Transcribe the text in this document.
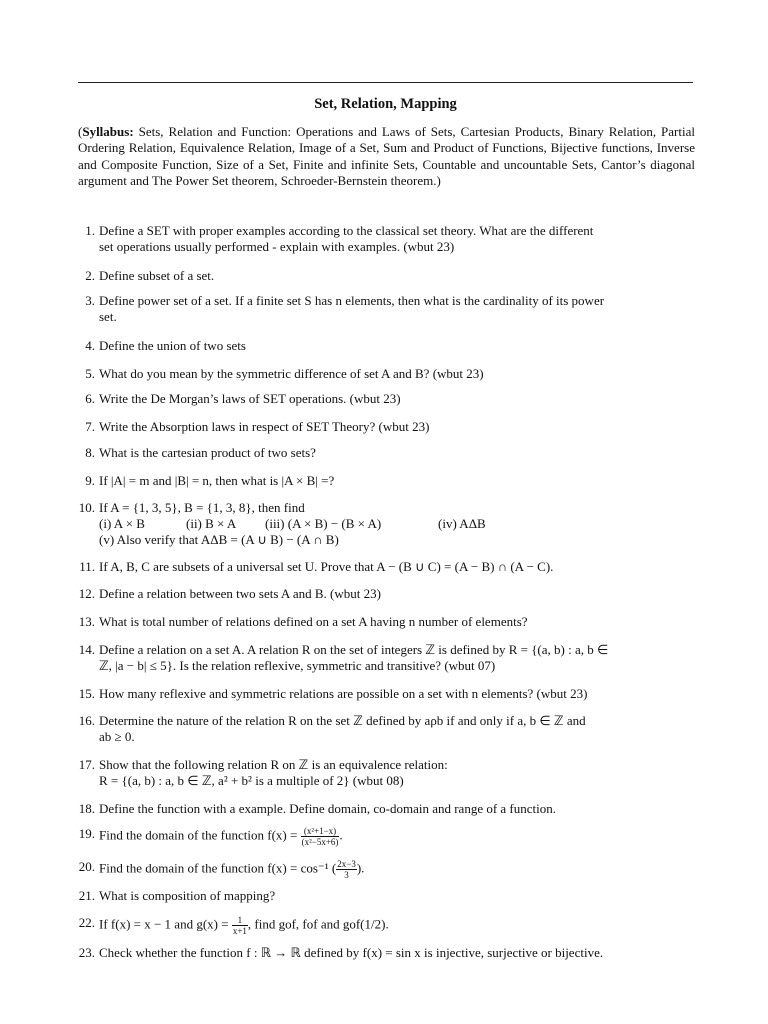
Set, Relation, Mapping
(Syllabus: Sets, Relation and Function: Operations and Laws of Sets, Cartesian Products, Binary Relation, Partial Ordering Relation, Equivalence Relation, Image of a Set, Sum and Product of Functions, Bijective functions, Inverse and Composite Function, Size of a Set, Finite and infinite Sets, Countable and uncountable Sets, Cantor’s diagonal argument and The Power Set theorem, Schroeder-Bernstein theorem.)
1. Define a SET with proper examples according to the classical set theory. What are the different
set operations usually performed - explain with examples. (wbut 23)
2. Define subset of a set.
3. Define power set of a set. If a finite set S has n elements, then what is the cardinality of its power
set.
4. Define the union of two sets
5. What do you mean by the symmetric difference of set A and B? (wbut 23)
6. Write the De Morgan’s laws of SET operations. (wbut 23)
7. Write the Absorption laws in respect of SET Theory? (wbut 23)
8. What is the cartesian product of two sets?
9. If |A| = m and |B| = n, then what is |A × B| =?
10. If A = {1, 3, 5}, B = {1, 3, 8}, then find
(i) A × B	(ii) B × A (iii) (A × B) − (B × A)	(iv) AΔB
(v) Also verify that AΔB = (A ∪ B) − (A ∩ B)
11. If A, B, C are subsets of a universal set U. Prove that A − (B ∪ C) = (A − B) ∩ (A − C).
12. Define a relation between two sets A and B. (wbut 23)
13. What is total number of relations defined on a set A having n number of elements?
14. Define a relation on a set A. A relation R on the set of integers ℤ is defined by R = {(a, b) : a, b ∈
ℤ, |a − b| ≤ 5}. Is the relation reflexive, symmetric and transitive? (wbut 07)
15. How many reflexive and symmetric relations are possible on a set with n elements? (wbut 23)
16. Determine the nature of the relation R on the set ℤ defined by aρb if and only if a, b ∈ ℤ and
ab ≥ 0.
17. Show that the following relation R on ℤ is an equivalence relation:
R = {(a, b) : a, b ∈ ℤ, a² + b² is a multiple of 2} (wbut 08)
18. Define the function with a example. Define domain, co-domain and range of a function.
19. Find the domain of the function $f(x) = \frac{\text{(x²+1−x)}}{\text{(x²−5x+6)}}$ .
20. Find the domain of the function f(x) = cos⁻¹ ( $\frac{2x-3}{3}$ ).
21. What is composition of mapping?
22. If f(x) = x − 1 and $g(x) = \frac{1}{x+1}$ , find gof, fof and gof(1/2).
23. Check whether the function f : ℝ → ℝ defined by f(x) = sin x is injective, surjective or bijective.
